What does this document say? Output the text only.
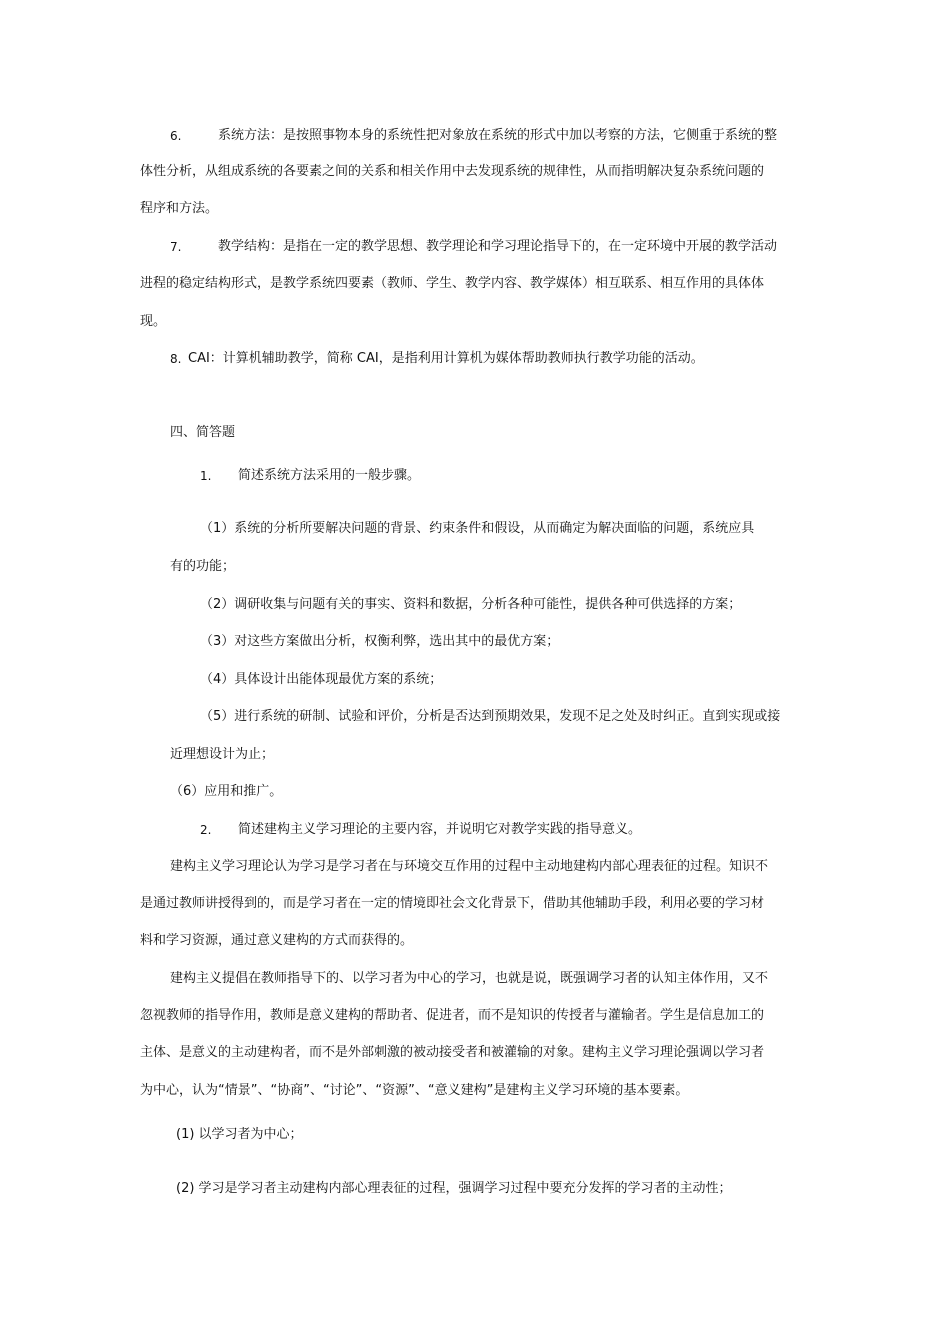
6.	系统方法：是按照事物本身的系统性把对象放在系统的形式中加以考察的方法，它侧重于系统的整
体性分析，从组成系统的各要素之间的关系和相关作用中去发现系统的规律性，从而指明解决复杂系统问题的
程序和方法。
7.	教学结构：是指在一定的教学思想、教学理论和学习理论指导下的，在一定环境中开展的教学活动
进程的稳定结构形式，是教学系统四要素（教师、学生、教学内容、教学媒体）相互联系、相互作用的具体体
现。
8. CAI：计算机辅助教学，简称 CAI，是指利用计算机为媒体帮助教师执行教学功能的活动。
四、简答题
1. 简述系统方法采用的一般步骤。
（1）系统的分析所要解决问题的背景、约束条件和假设，从而确定为解决面临的问题，系统应具
有的功能；
（2）调研收集与问题有关的事实、资料和数据，分析各种可能性，提供各种可供选择的方案；
（3）对这些方案做出分析，权衡利弊，选出其中的最优方案；
（4）具体设计出能体现最优方案的系统；
（5）进行系统的研制、试验和评价，分析是否达到预期效果，发现不足之处及时纠正。直到实现或接
近理想设计为止；
（6）应用和推广。
2. 简述建构主义学习理论的主要内容，并说明它对教学实践的指导意义。
建构主义学习理论认为学习是学习者在与环境交互作用的过程中主动地建构内部心理表征的过程。知识不
是通过教师讲授得到的，而是学习者在一定的情境即社会文化背景下，借助其他辅助手段，利用必要的学习材
料和学习资源，通过意义建构的方式而获得的。
建构主义提倡在教师指导下的、以学习者为中心的学习，也就是说，既强调学习者的认知主体作用，又不
忽视教师的指导作用，教师是意义建构的帮助者、促进者，而不是知识的传授者与灌输者。学生是信息加工的
主体、是意义的主动建构者，而不是外部刺激的被动接受者和被灌输的对象。建构主义学习理论强调以学习者
为中心，认为“情景”、“协商”、“讨论”、“资源”、“意义建构”是建构主义学习环境的基本要素。
(1) 以学习者为中心；
(2) 学习是学习者主动建构内部心理表征的过程，强调学习过程中要充分发挥的学习者的主动性；
